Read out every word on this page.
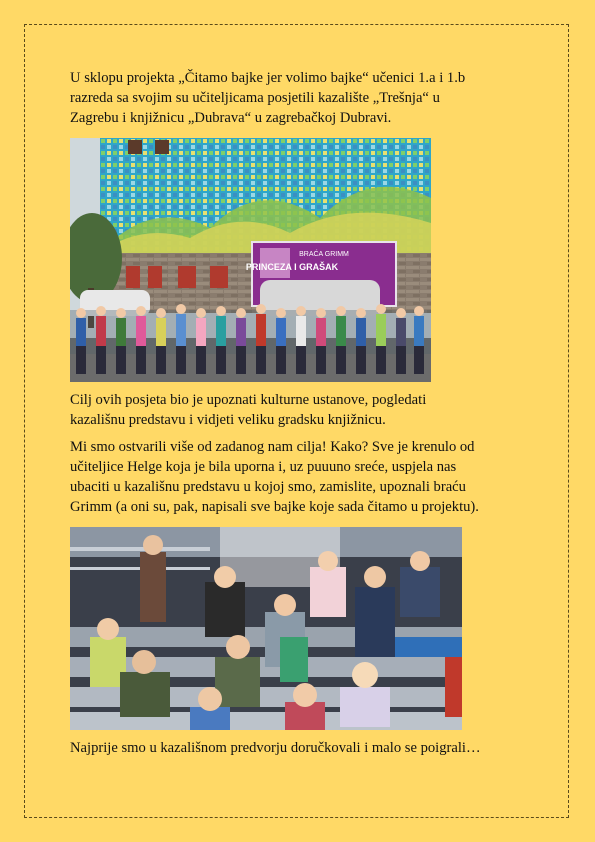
U sklopu projekta „Čitamo bajke jer volimo bajke“ učenici 1.a i 1.b
razreda sa svojim su učiteljicama posjetili kazalište „Trešnja“ u
Zagrebu i knjižnicu „Dubrava“ u zagrebačkoj Dubravi.

BRAĆA GRIMM
PRINCEZA I GRAŠAK

Cilj ovih posjeta bio je upoznati kulturne ustanove, pogledati
kazališnu predstavu i vidjeti veliku gradsku knjižnicu.

Mi smo ostvarili više od zadanog nam cilja! Kako? Sve je krenulo od
učiteljice Helge koja je bila uporna i, uz puuuno sreće, uspjela nas
ubaciti u kazališnu predstavu u kojoj smo, zamislite, upoznali braću
Grimm (a oni su, pak, napisali sve bajke koje sada čitamo u projektu).

Najprije smo u kazališnom predvorju doručkovali i malo se poigrali…
